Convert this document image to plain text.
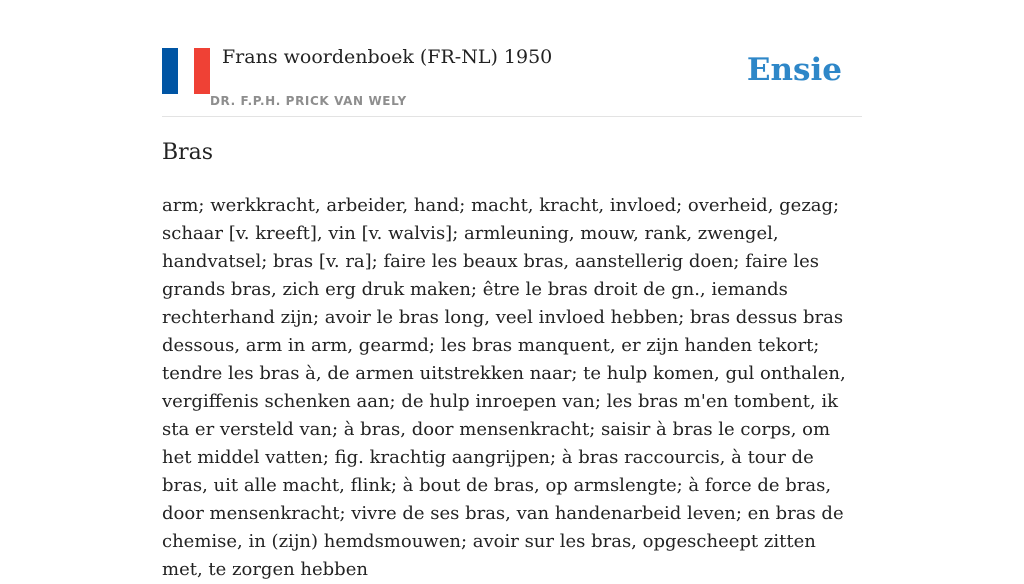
Frans woordenboek (FR-NL) 1950
DR. F.P.H. PRICK VAN WELY
Ensie
Bras

arm; werkkracht, arbeider, hand; macht, kracht, invloed; overheid, gezag; schaar [v. kreeft], vin [v. walvis]; armleuning, mouw, rank, zwengel, handvatsel; bras [v. ra]; faire les beaux bras, aanstellerig doen; faire les grands bras, zich erg druk maken; être le bras droit de gn., iemands rechterhand zijn; avoir le bras long, veel invloed hebben; bras dessus bras dessous, arm in arm, gearmd; les bras manquent, er zijn handen tekort; tendre les bras à, de armen uitstrekken naar; te hulp komen, gul onthalen, vergiffenis schenken aan; de hulp inroepen van; les bras m'en tombent, ik sta er versteld van; à bras, door mensenkracht; saisir à bras le corps, om het middel vatten; fig. krachtig aangrijpen; à bras raccourcis, à tour de bras, uit alle macht, flink; à bout de bras, op armslengte; à force de bras, door mensenkracht; vivre de ses bras, van handenarbeid leven; en bras de chemise, in (zijn) hemdsmouwen; avoir sur les bras, opgescheept zitten met, te zorgen hebben
